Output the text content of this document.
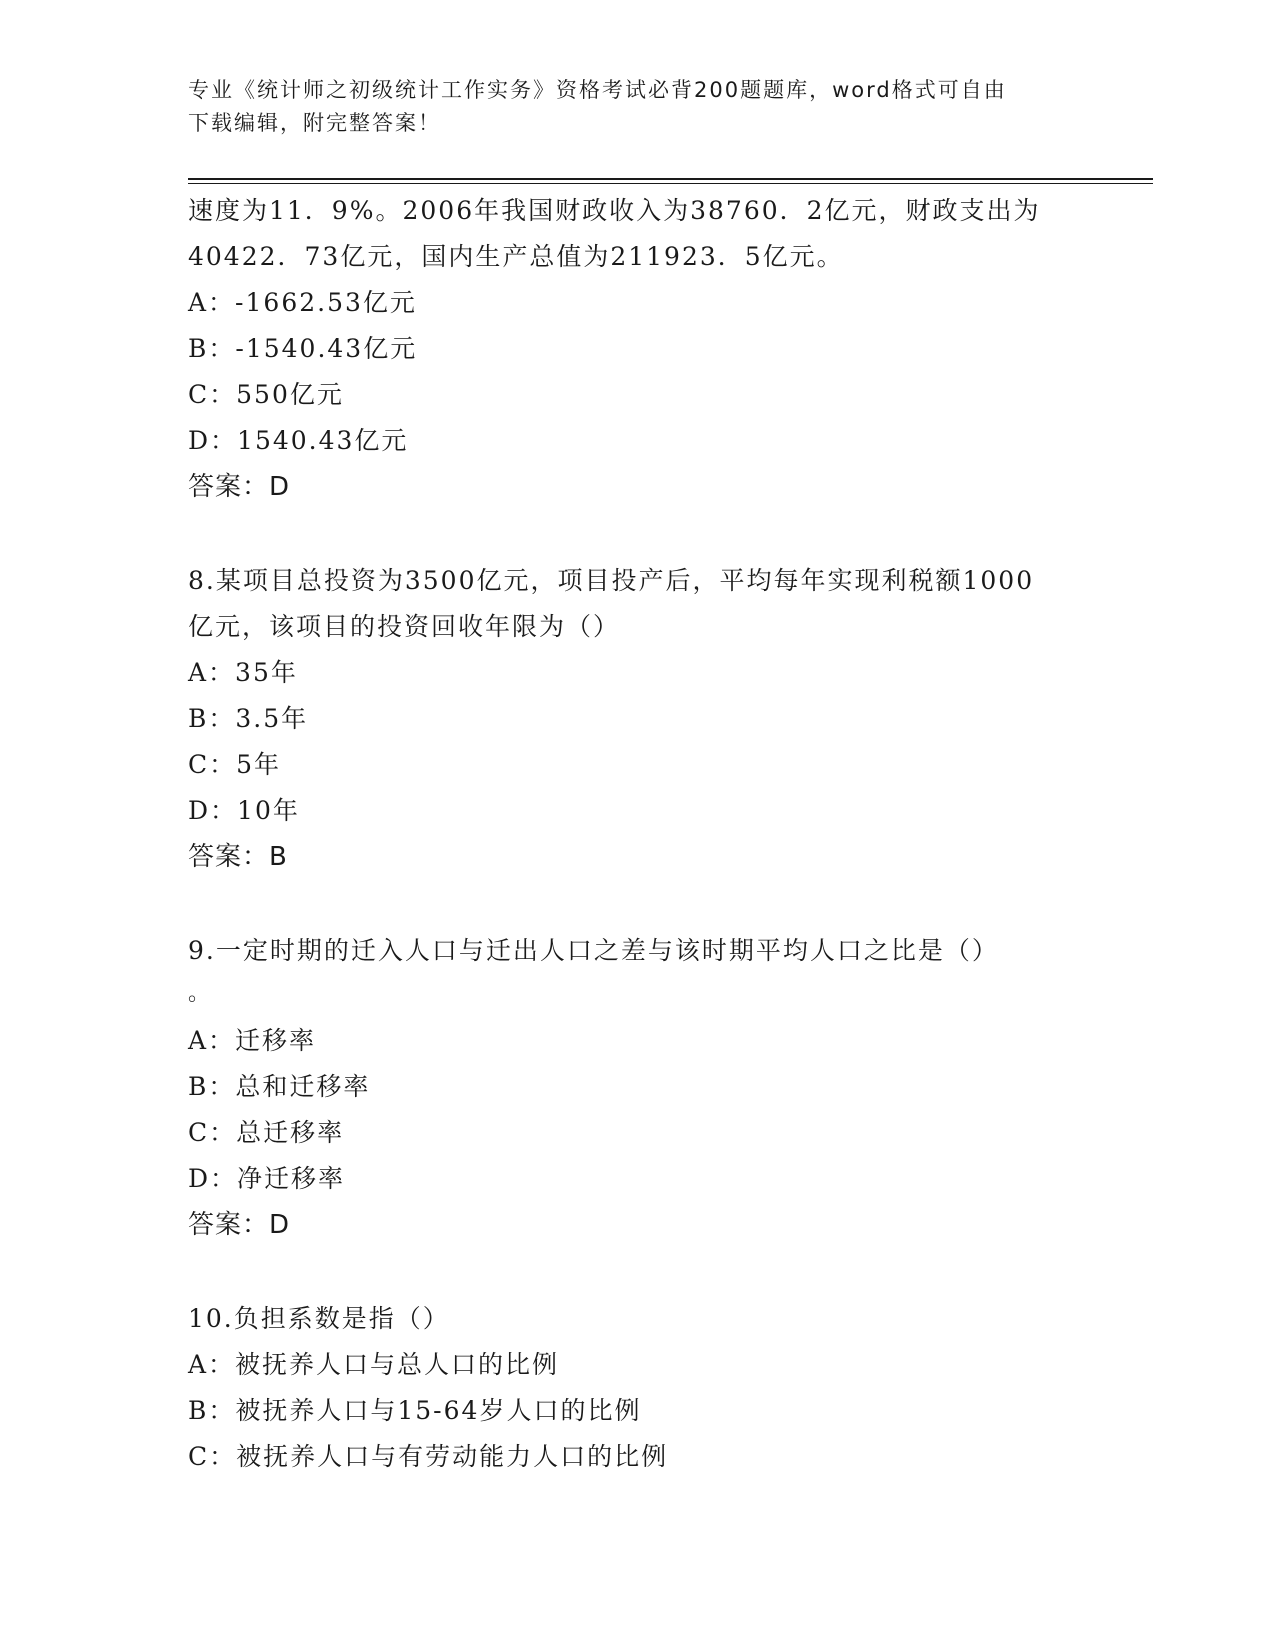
专业《统计师之初级统计工作实务》资格考试必背200题题库，word格式可自由
下载编辑，附完整答案！
速度为11．9%。2006年我国财政收入为38760．2亿元，财政支出为
40422．73亿元，国内生产总值为211923．5亿元。
A：-1662.53亿元
B：-1540.43亿元
C：550亿元
D：1540.43亿元
答案：D
8.某项目总投资为3500亿元，项目投产后，平均每年实现利税额1000
亿元，该项目的投资回收年限为（）
A：35年
B：3.5年
C：5年
D：10年
答案：B
9.一定时期的迁入人口与迁出人口之差与该时期平均人口之比是（）
。
A：迁移率
B：总和迁移率
C：总迁移率
D：净迁移率
答案：D
10.负担系数是指（）
A：被抚养人口与总人口的比例
B：被抚养人口与15-64岁人口的比例
C：被抚养人口与有劳动能力人口的比例
